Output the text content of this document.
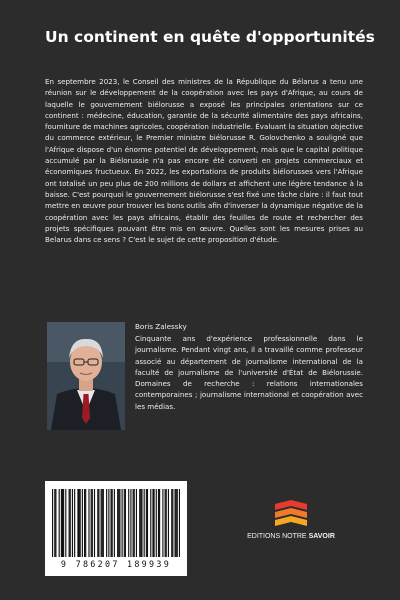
Un continent en quête d'opportunités

En septembre 2023, le Conseil des ministres de la République du Bélarus a tenu une réunion sur le développement de la coopération avec les pays d'Afrique, au cours de laquelle le gouvernement biélorusse a exposé les principales orientations sur ce continent : médecine, éducation, garantie de la sécurité alimentaire des pays africains, fourniture de machines agricoles, coopération industrielle. Évaluant la situation objective du commerce extérieur, le Premier ministre biélorusse R. Golovchenko a souligné que l'Afrique dispose d'un énorme potentiel de développement, mais que le capital politique accumulé par la Biélorussie n'a pas encore été converti en projets commerciaux et économiques fructueux. En 2022, les exportations de produits biélorusses vers l'Afrique ont totalisé un peu plus de 200 millions de dollars et affichent une légère tendance à la baisse. C'est pourquoi le gouvernement biélorusse s'est fixé une tâche claire : il faut tout mettre en œuvre pour trouver les bons outils afin d'inverser la dynamique négative de la coopération avec les pays africains, établir des feuilles de route et rechercher des projets spécifiques pouvant être mis en œuvre. Quelles sont les mesures prises au Belarus dans ce sens ? C'est le sujet de cette proposition d'étude.

Boris Zalessky

Cinquante ans d'expérience professionnelle dans le journalisme. Pendant vingt ans, il a travaillé comme professeur associé au département de journalisme international de la faculté de journalisme de l'université d'État de Biélorussie. Domaines de recherche : relations internationales contemporaines ; journalisme international et coopération avec les médias.

9 786207 189939
EDITIONS NOTRE SAVOIR
